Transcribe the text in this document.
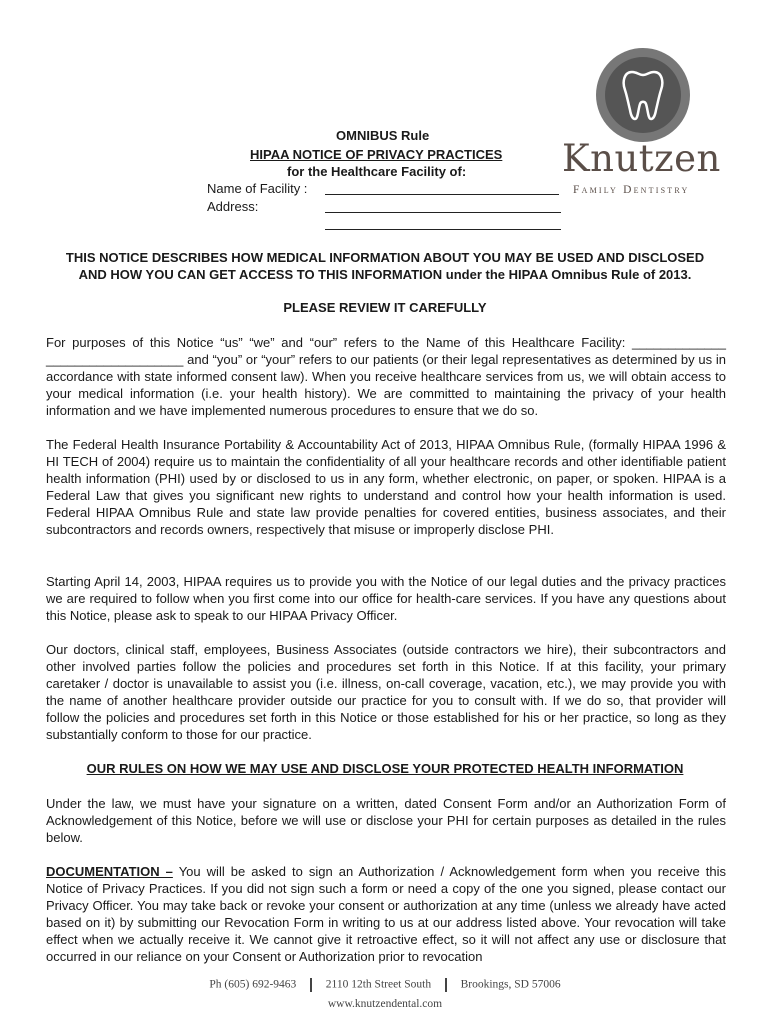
Knutzen
Family Dentistry
OMNIBUS Rule
HIPAA NOTICE OF PRIVACY PRACTICES
for the Healthcare Facility of:
Name of Facility :
Address:
THIS NOTICE DESCRIBES HOW MEDICAL INFORMATION ABOUT YOU MAY BE USED AND DISCLOSED
AND HOW YOU CAN GET ACCESS TO THIS INFORMATION under the HIPAA Omnibus Rule of 2013.
PLEASE REVIEW IT CAREFULLY

For purposes of this Notice “us” “we” and “our” refers to the Name of this Healthcare Facility: _____________ ___________________ and “you” or “your” refers to our patients (or their legal representatives as determined by us in accordance with state informed consent law). When you receive healthcare services from us, we will obtain access to your medical information (i.e. your health history). We are committed to maintaining the privacy of your health information and we have implemented numerous procedures to ensure that we do so.

The Federal Health Insurance Portability & Accountability Act of 2013, HIPAA Omnibus Rule, (formally HIPAA 1996 & HI TECH of 2004) require us to maintain the confidentiality of all your healthcare records and other identifiable patient health information (PHI) used by or disclosed to us in any form, whether electronic, on paper, or spoken. HIPAA is a Federal Law that gives you significant new rights to understand and control how your health information is used. Federal HIPAA Omnibus Rule and state law provide penalties for covered entities, business associates, and their subcontractors and records owners, respectively that misuse or improperly disclose PHI.

Starting April 14, 2003, HIPAA requires us to provide you with the Notice of our legal duties and the privacy practices we are required to follow when you first come into our office for health-care services. If you have any questions about this Notice, please ask to speak to our HIPAA Privacy Officer.

Our doctors, clinical staff, employees, Business Associates (outside contractors we hire), their subcontractors and other involved parties follow the policies and procedures set forth in this Notice. If at this facility, your primary caretaker / doctor is unavailable to assist you (i.e. illness, on-call coverage, vacation, etc.), we may provide you with the name of another healthcare provider outside our practice for you to consult with. If we do so, that provider will follow the policies and procedures set forth in this Notice or those established for his or her practice, so long as they substantially conform to those for our practice.

OUR RULES ON HOW WE MAY USE AND DISCLOSE YOUR PROTECTED HEALTH INFORMATION

Under the law, we must have your signature on a written, dated Consent Form and/or an Authorization Form of Acknowledgement of this Notice, before we will use or disclose your PHI for certain purposes as detailed in the rules below.

DOCUMENTATION – You will be asked to sign an Authorization / Acknowledgement form when you receive this Notice of Privacy Practices. If you did not sign such a form or need a copy of the one you signed, please contact our Privacy Officer. You may take back or revoke your consent or authorization at any time (unless we already have acted based on it) by submitting our Revocation Form in writing to us at our address listed above. Your revocation will take effect when we actually receive it. We cannot give it retroactive effect, so it will not affect any use or disclosure that occurred in our reliance on your Consent or Authorization prior to revocation

Ph (605) 692-9463	2110 12th Street South	Brookings, SD 57006
www.knutzendental.com
